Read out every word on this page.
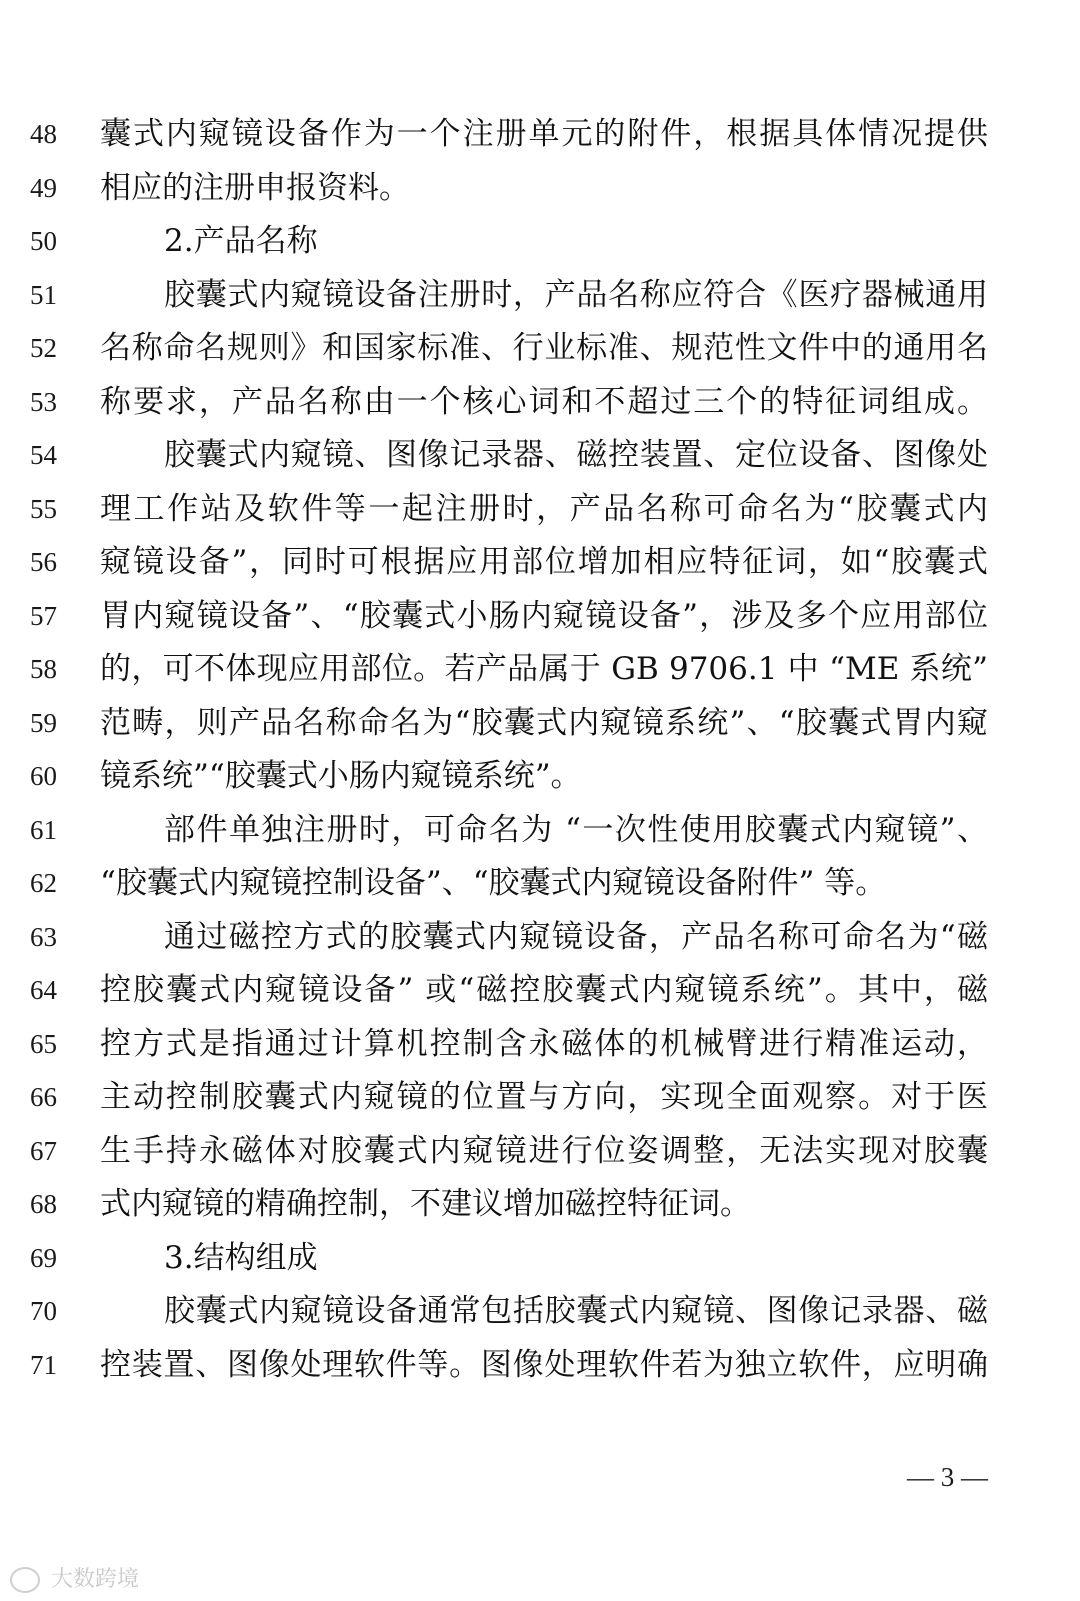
48	囊式内窥镜设备作为一个注册单元的附件，根据具体情况提供
49	相应的注册申报资料。
50	2.产品名称
51	胶囊式内窥镜设备注册时，产品名称应符合《医疗器械通用
52	名称命名规则》和国家标准、行业标准、规范性文件中的通用名
53	称要求，产品名称由一个核心词和不超过三个的特征词组成。
54	胶囊式内窥镜、图像记录器、磁控装置、定位设备、图像处
55	理工作站及软件等一起注册时，产品名称可命名为“胶囊式内
56	窥镜设备”，同时可根据应用部位增加相应特征词，如“胶囊式
57	胃内窥镜设备”、“胶囊式小肠内窥镜设备”，涉及多个应用部位
58	的，可不体现应用部位。若产品属于 GB 9706.1 中 “ME 系统”
59	范畴，则产品名称命名为“胶囊式内窥镜系统”、“胶囊式胃内窥
60	镜系统”“胶囊式小肠内窥镜系统”。
61	部件单独注册时，可命名为 “一次性使用胶囊式内窥镜”、
62	“胶囊式内窥镜控制设备”、“胶囊式内窥镜设备附件” 等。
63	通过磁控方式的胶囊式内窥镜设备，产品名称可命名为“磁
64	控胶囊式内窥镜设备” 或“磁控胶囊式内窥镜系统”。其中，磁
65	控方式是指通过计算机控制含永磁体的机械臂进行精准运动，
66	主动控制胶囊式内窥镜的位置与方向，实现全面观察。对于医
67	生手持永磁体对胶囊式内窥镜进行位姿调整，无法实现对胶囊
68	式内窥镜的精确控制，不建议增加磁控特征词。
69	3.结构组成
70	胶囊式内窥镜设备通常包括胶囊式内窥镜、图像记录器、磁
71	控装置、图像处理软件等。图像处理软件若为独立软件，应明确
— 3 —
大数跨境
